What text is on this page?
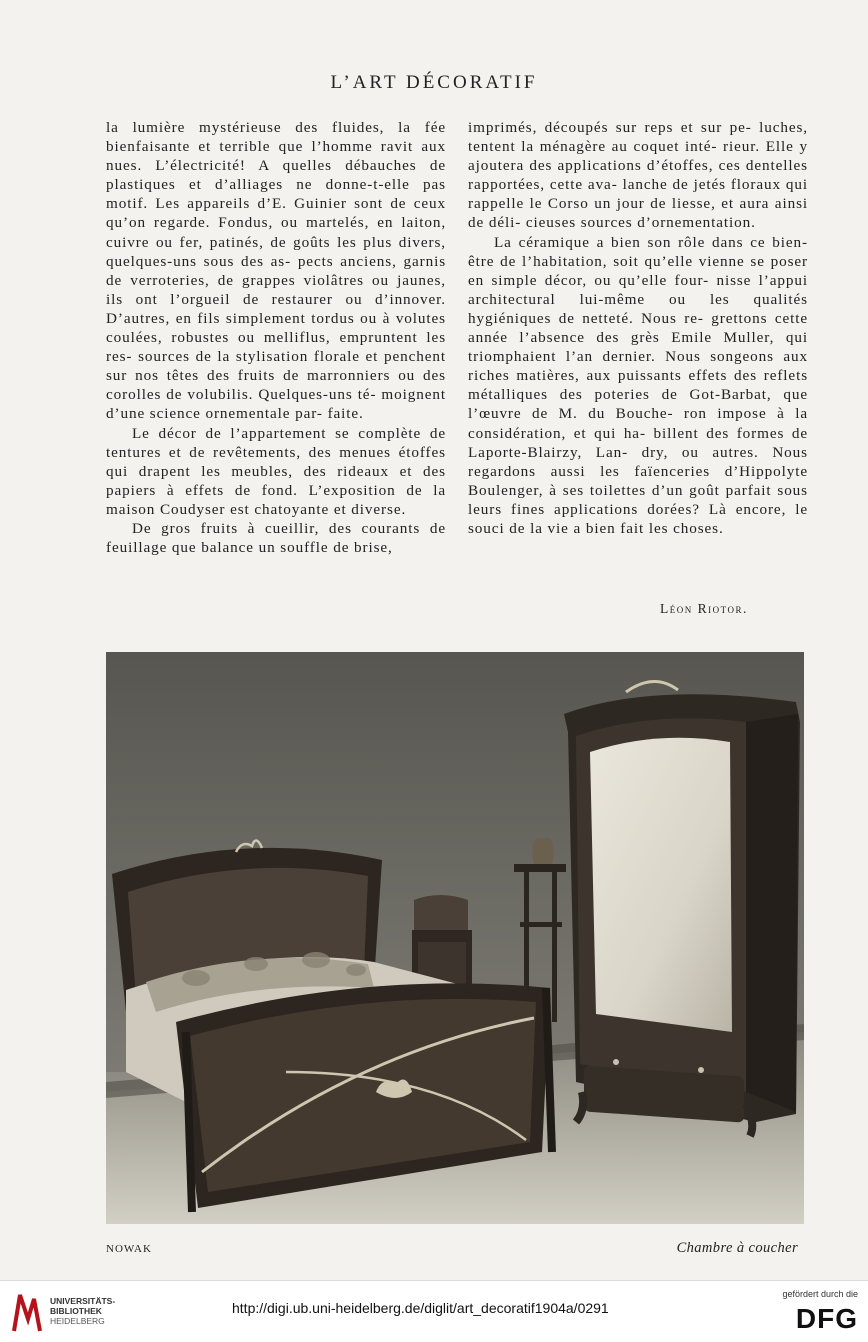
L’ART DÉCORATIF

la lumière mystérieuse des fluides, la fée bienfaisante et terrible que l’homme ravit aux nues. L’électricité! A quelles débauches de plastiques et d’alliages ne donne-t-elle pas motif. Les appareils d’E. Guinier sont de ceux qu’on regarde. Fondus, ou martelés, en laiton, cuivre ou fer, patinés, de goûts les plus divers, quelques-uns sous des as- pects anciens, garnis de verroteries, de grappes violâtres ou jaunes, ils ont l’orgueil de restaurer ou d’innover. D’autres, en fils simplement tordus ou à volutes coulées, robustes ou melliflus, empruntent les res- sources de la stylisation florale et penchent sur nos têtes des fruits de marronniers ou des corolles de volubilis. Quelques-uns té- moignent d’une science ornementale par- faite.

Le décor de l’appartement se complète de tentures et de revêtements, des menues étoffes qui drapent les meubles, des rideaux et des papiers à effets de fond. L’exposition de la maison Coudyser est chatoyante et diverse.

De gros fruits à cueillir, des courants de feuillage que balance un souffle de brise,

imprimés, découpés sur reps et sur pe- luches, tentent la ménagère au coquet inté- rieur. Elle y ajoutera des applications d’étoffes, ces dentelles rapportées, cette ava- lanche de jetés floraux qui rappelle le Corso un jour de liesse, et aura ainsi de déli- cieuses sources d’ornementation.

La céramique a bien son rôle dans ce bien-être de l’habitation, soit qu’elle vienne se poser en simple décor, ou qu’elle four- nisse l’appui architectural lui-même ou les qualités hygiéniques de netteté. Nous re- grettons cette année l’absence des grès Emile Muller, qui triomphaient l’an dernier. Nous songeons aux riches matières, aux puissants effets des reflets métalliques des poteries de Got-Barbat, que l’œuvre de M. du Bouche- ron impose à la considération, et qui ha- billent des formes de Laporte-Blairzy, Lan- dry, ou autres. Nous regardons aussi les faïenceries d’Hippolyte Boulenger, à ses toilettes d’un goût parfait sous leurs fines applications dorées? Là encore, le souci de la vie a bien fait les choses.

Léon Riotor.
NOWAK	Chambre à coucher
UNIVERSITÄTS-
BIBLIOTHEK
HEIDELBERG
http://digi.ub.uni-heidelberg.de/diglit/art_decoratif1904a/0291
gefördert durch die
DFG
